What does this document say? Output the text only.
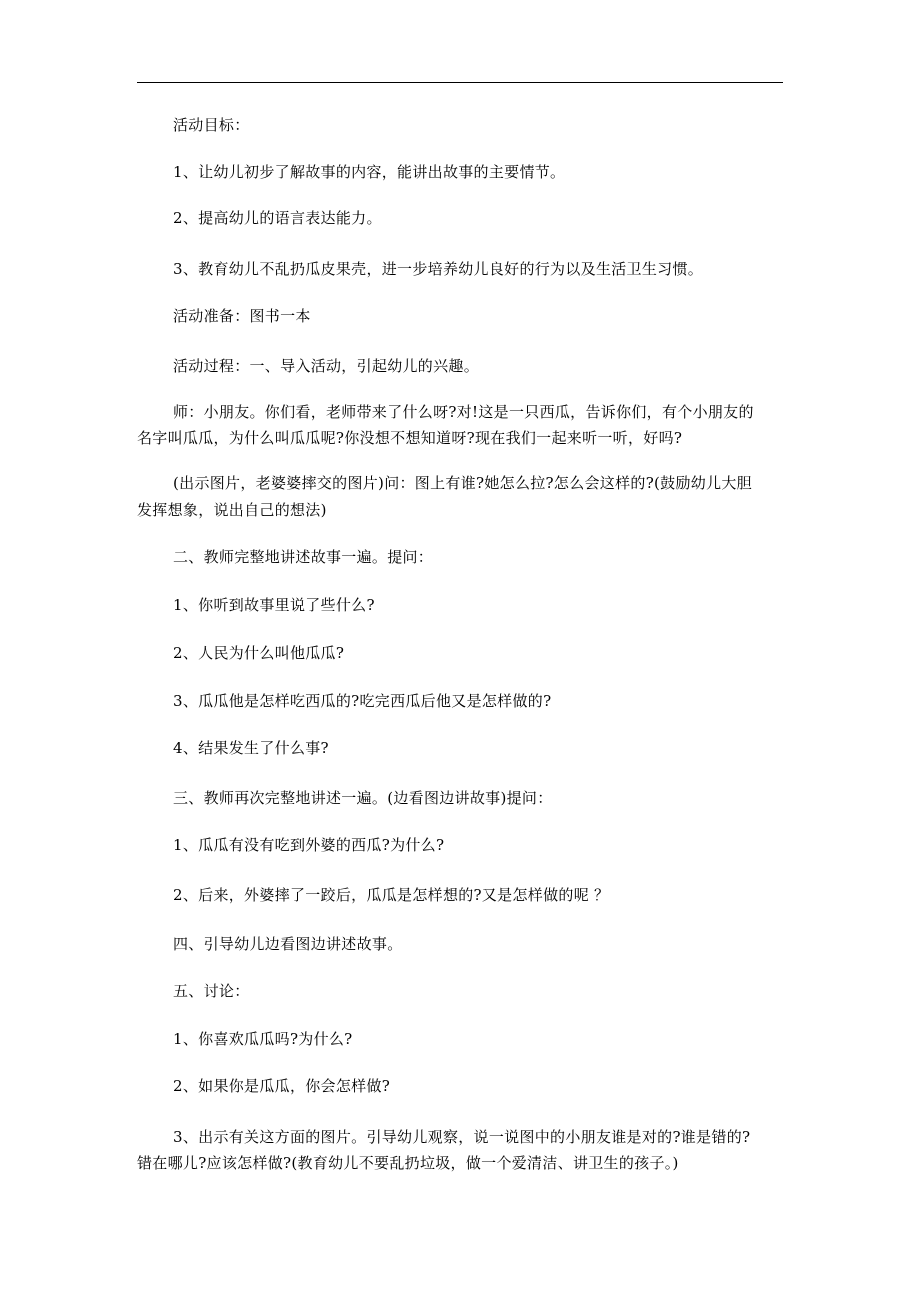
活动目标：
1、让幼儿初步了解故事的内容，能讲出故事的主要情节。
2、提高幼儿的语言表达能力。
3、教育幼儿不乱扔瓜皮果壳，进一步培养幼儿良好的行为以及生活卫生习惯。
活动准备：图书一本
活动过程：一、导入活动，引起幼儿的兴趣。
师：小朋友。你们看，老师带来了什么呀?对!这是一只西瓜，告诉你们，有个小朋友的
名字叫瓜瓜，为什么叫瓜瓜呢?你没想不想知道呀?现在我们一起来听一听，好吗?
(出示图片，老婆婆摔交的图片)问：图上有谁?她怎么拉?怎么会这样的?(鼓励幼儿大胆
发挥想象，说出自己的想法)
二、教师完整地讲述故事一遍。提问：
1、你听到故事里说了些什么?
2、人民为什么叫他瓜瓜?
3、瓜瓜他是怎样吃西瓜的?吃完西瓜后他又是怎样做的?
4、结果发生了什么事?
三、教师再次完整地讲述一遍。(边看图边讲故事)提问：
1、瓜瓜有没有吃到外婆的西瓜?为什么?
2、后来，外婆摔了一跤后，瓜瓜是怎样想的?又是怎样做的呢 ？
四、引导幼儿边看图边讲述故事。
五、讨论：
1、你喜欢瓜瓜吗?为什么?
2、如果你是瓜瓜，你会怎样做?
3、出示有关这方面的图片。引导幼儿观察，说一说图中的小朋友谁是对的?谁是错的?
错在哪儿?应该怎样做?(教育幼儿不要乱扔垃圾，做一个爱清洁、讲卫生的孩子。)
